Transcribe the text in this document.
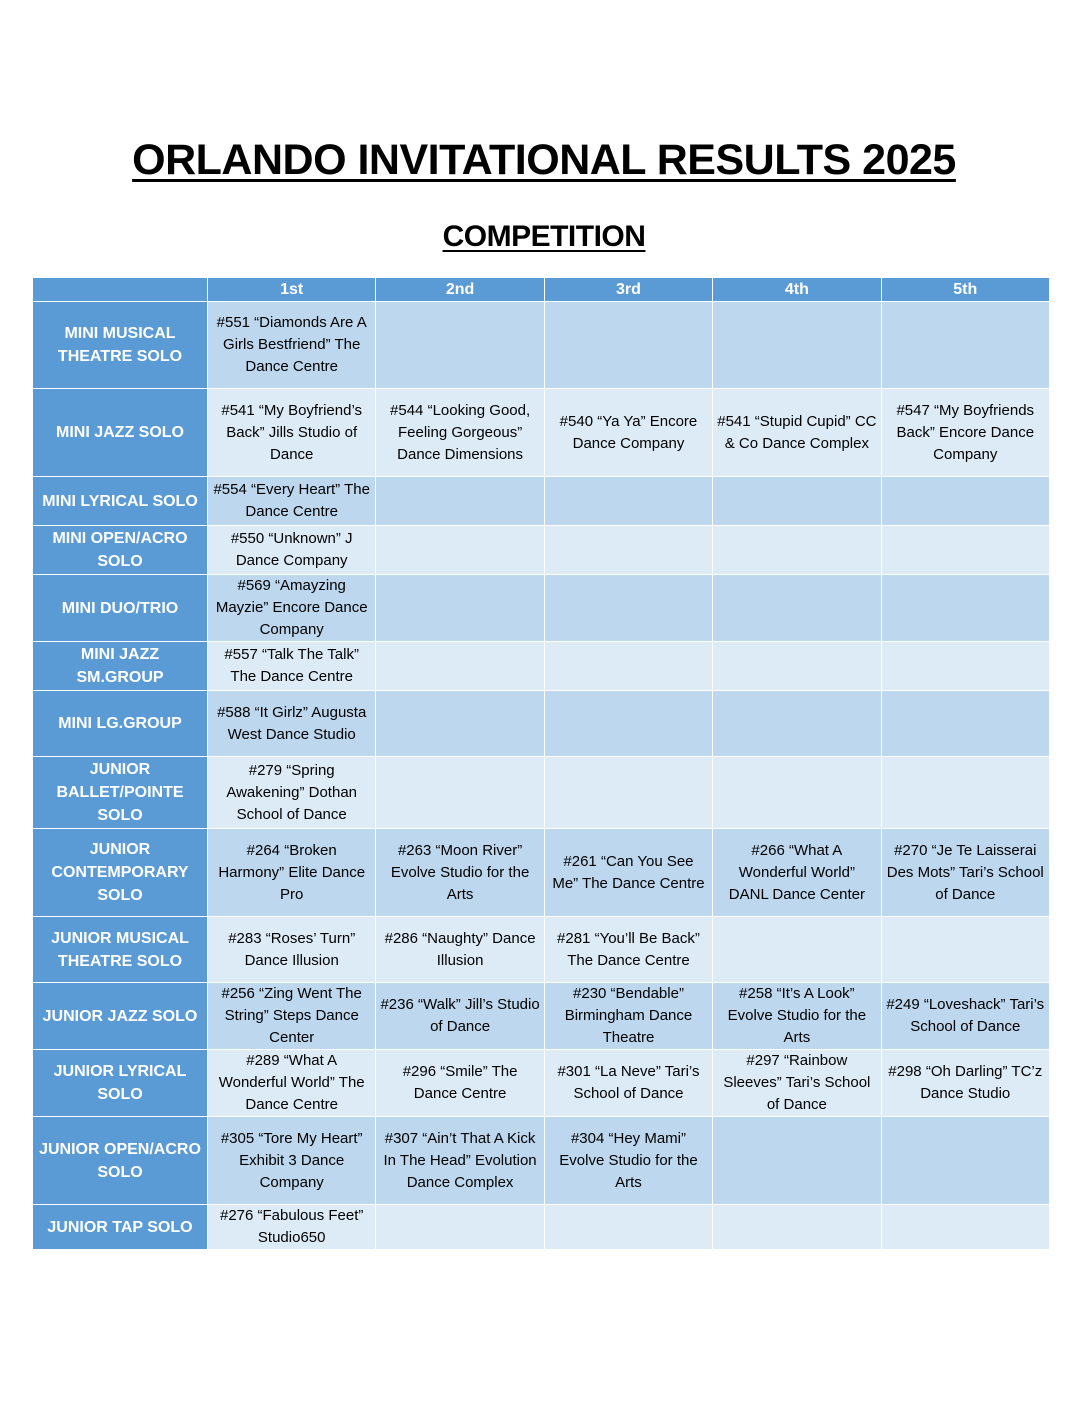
ORLANDO INVITATIONAL RESULTS 2025
COMPETITION
	1st	2nd	3rd	4th	5th
MINI MUSICAL THEATRE SOLO	#551 “Diamonds Are A Girls Bestfriend” The Dance Centre				
MINI JAZZ SOLO	#541 “My Boyfriend’s Back” Jills Studio of Dance	#544 “Looking Good, Feeling Gorgeous” Dance Dimensions	#540 “Ya Ya” Encore Dance Company	#541 “Stupid Cupid” CC & Co Dance Complex	#547 “My Boyfriends Back” Encore Dance Company
MINI LYRICAL SOLO	#554 “Every Heart” The Dance Centre				
MINI OPEN/ACRO SOLO	#550 “Unknown” J Dance Company				
MINI DUO/TRIO	#569 “Amayzing Mayzie” Encore Dance Company				
MINI JAZZ SM.GROUP	#557 “Talk The Talk” The Dance Centre				
MINI LG.GROUP	#588 “It Girlz” Augusta West Dance Studio				
JUNIOR BALLET/POINTE SOLO	#279 “Spring Awakening” Dothan School of Dance				
JUNIOR CONTEMPORARY SOLO	#264 “Broken Harmony” Elite Dance Pro	#263 “Moon River” Evolve Studio for the Arts	#261 “Can You See Me” The Dance Centre	#266 “What A Wonderful World” DANL Dance Center	#270 “Je Te Laisserai Des Mots” Tari’s School of Dance
JUNIOR MUSICAL THEATRE SOLO	#283 “Roses’ Turn” Dance Illusion	#286 “Naughty” Dance Illusion	#281 “You’ll Be Back” The Dance Centre		
JUNIOR JAZZ SOLO	#256 “Zing Went The String” Steps Dance Center	#236 “Walk” Jill’s Studio of Dance	#230 “Bendable” Birmingham Dance Theatre	#258 “It’s A Look” Evolve Studio for the Arts	#249 “Loveshack” Tari’s School of Dance
JUNIOR LYRICAL SOLO	#289 “What A Wonderful World” The Dance Centre	#296 “Smile” The Dance Centre	#301 “La Neve” Tari’s School of Dance	#297 “Rainbow Sleeves” Tari’s School of Dance	#298 “Oh Darling” TC’z Dance Studio
JUNIOR OPEN/ACRO SOLO	#305 “Tore My Heart” Exhibit 3 Dance Company	#307 “Ain’t That A Kick In The Head” Evolution Dance Complex	#304 “Hey Mami” Evolve Studio for the Arts		
JUNIOR TAP SOLO	#276 “Fabulous Feet” Studio650				
